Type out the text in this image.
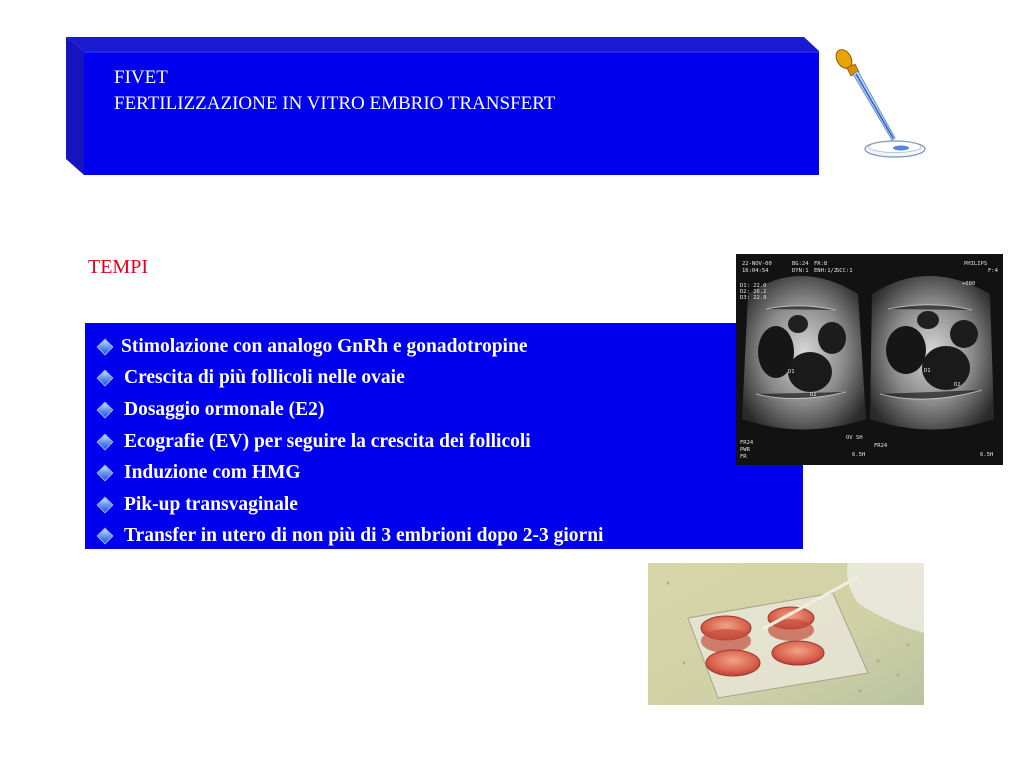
FIVET
FERTILIZZAZIONE IN VITRO EMBRIO TRANSFERT
TEMPI
Stimolazione con analogo GnRh e gonadotropine
Crescita di più follicoli nelle ovaie
Dosaggio ormonale (E2)
Ecografie (EV) per seguire la crescita dei follicoli
Induzione com HMG
Pik-up transvaginale
Transfer in utero di non più di 3 embrioni dopo 2-3 giorni
22-NOV-00
16:04:54
D1: 22.0
D2: 26.2
D3: 22.9
D1
D2
FR24
PWR
FR
BG:24 FR:8	PHILIPS
DYN:1 ENH:1/2
SCC:1	F:4
+080
D1
D2
FR24
6.5H
OV SH
6.5H
